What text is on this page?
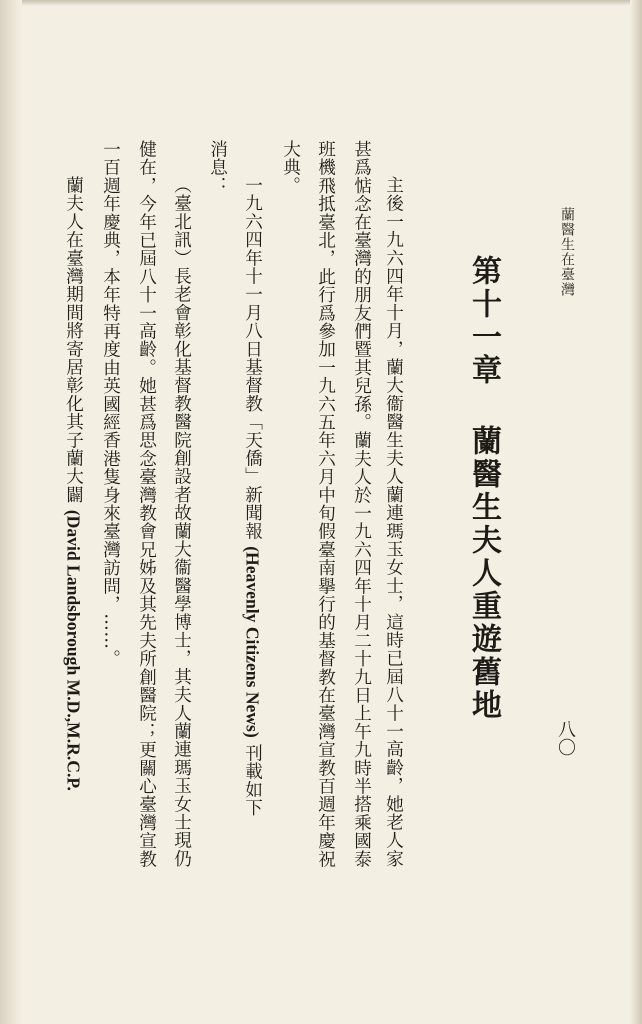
蘭醫生在臺灣
八〇
第十一章蘭醫生夫人重遊舊地
主後一九六四年十月，蘭大衞醫生夫人蘭連瑪玉女士，這時已屆八十一高齡，她老人家
甚爲惦念在臺灣的朋友們暨其兒孫。蘭夫人於一九六四年十月二十九日上午九時半搭乘國泰
班機飛抵臺北，此行爲參加一九六五年六月中旬假臺南擧行的基督教在臺灣宣教百週年慶祝
大典。
一九六四年十一月八日基督教「天僑」新聞報 (Heavenly Citizens News) 刊載如下
消息：
（臺北訊）長老會彰化基督教醫院創設者故蘭大衞醫學博士，其夫人蘭連瑪玉女士現仍
健在，今年已屆八十一高齡。她甚爲思念臺灣教會兄姊及其先夫所創醫院；更關心臺灣宣教
一百週年慶典，本年特再度由英國經香港隻身來臺灣訪問，……。
蘭夫人在臺灣期間將寄居彰化其子蘭大闢 (David Landsborough M.D.,M.R.C.P.
